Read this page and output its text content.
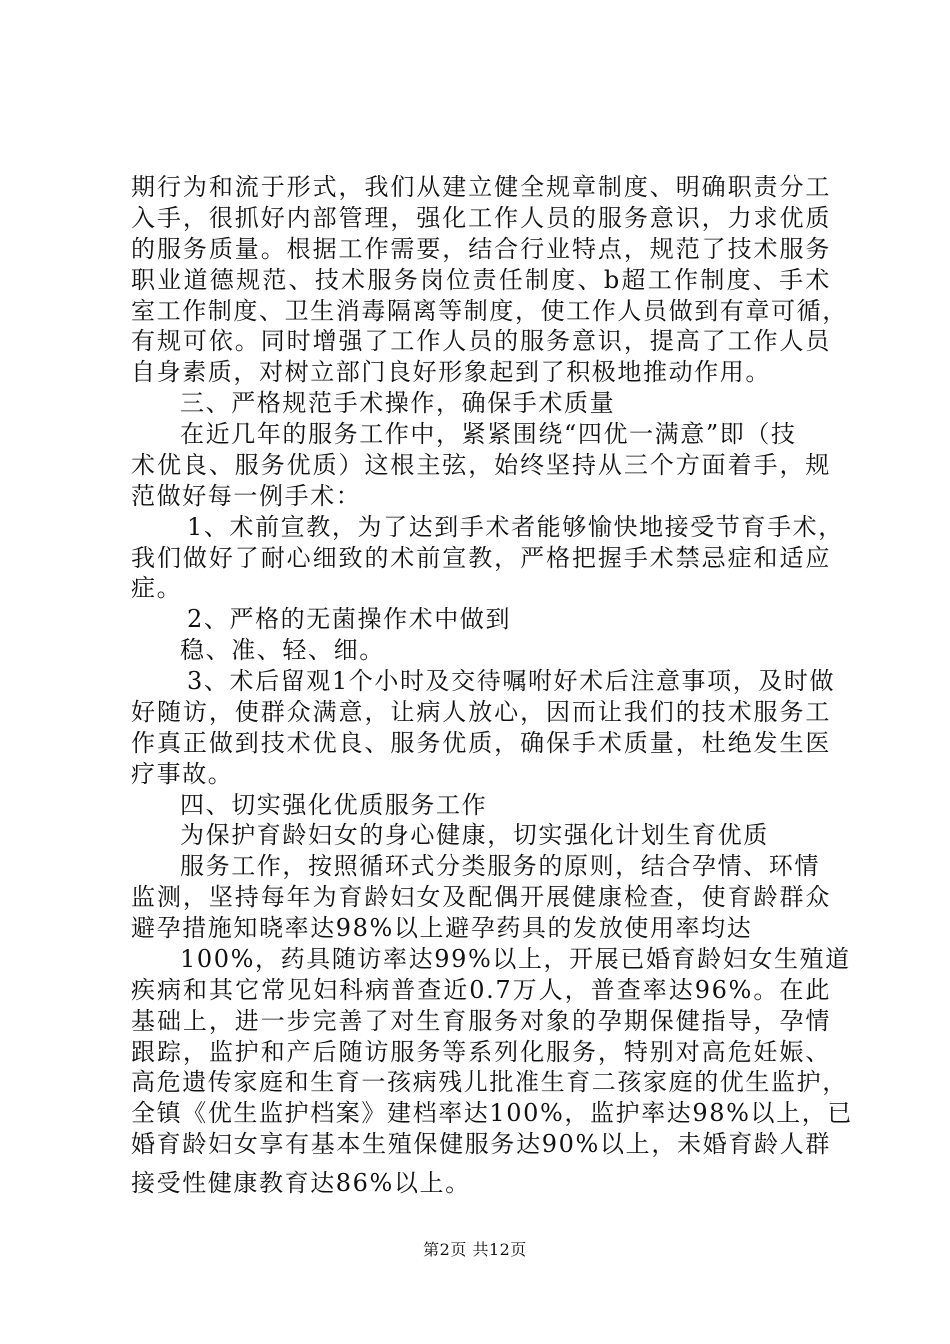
期行为和流于形式，我们从建立健全规章制度、明确职责分工
入手，很抓好内部管理，强化工作人员的服务意识，力求优质
的服务质量。根据工作需要，结合行业特点，规范了技术服务
职业道德规范、技术服务岗位责任制度、b超工作制度、手术
室工作制度、卫生消毒隔离等制度，使工作人员做到有章可循，
有规可依。同时增强了工作人员的服务意识，提高了工作人员
自身素质，对树立部门良好形象起到了积极地推动作用。
三、严格规范手术操作，确保手术质量
在近几年的服务工作中，紧紧围绕“四优一满意”即（技
术优良、服务优质）这根主弦，始终坚持从三个方面着手，规
范做好每一例手术：
1、术前宣教，为了达到手术者能够愉快地接受节育手术，
我们做好了耐心细致的术前宣教，严格把握手术禁忌症和适应
症。
2、严格的无菌操作术中做到
稳、准、轻、细。
3、术后留观1个小时及交待嘱咐好术后注意事项，及时做
好随访，使群众满意，让病人放心，因而让我们的技术服务工
作真正做到技术优良、服务优质，确保手术质量，杜绝发生医
疗事故。
四、切实强化优质服务工作
为保护育龄妇女的身心健康，切实强化计划生育优质
服务工作，按照循环式分类服务的原则，结合孕情、环情
监测，坚持每年为育龄妇女及配偶开展健康检查，使育龄群众
避孕措施知晓率达98%以上避孕药具的发放使用率均达
100%，药具随访率达99%以上，开展已婚育龄妇女生殖道
疾病和其它常见妇科病普查近0.7万人，普查率达96%。在此
基础上，进一步完善了对生育服务对象的孕期保健指导，孕情
跟踪，监护和产后随访服务等系列化服务，特别对高危妊娠、
高危遗传家庭和生育一孩病残儿批准生育二孩家庭的优生监护，
全镇《优生监护档案》建档率达100%，监护率达98%以上，已
婚育龄妇女享有基本生殖保健服务达90%以上，未婚育龄人群
接受性健康教育达86%以上。
第2页 共12页
